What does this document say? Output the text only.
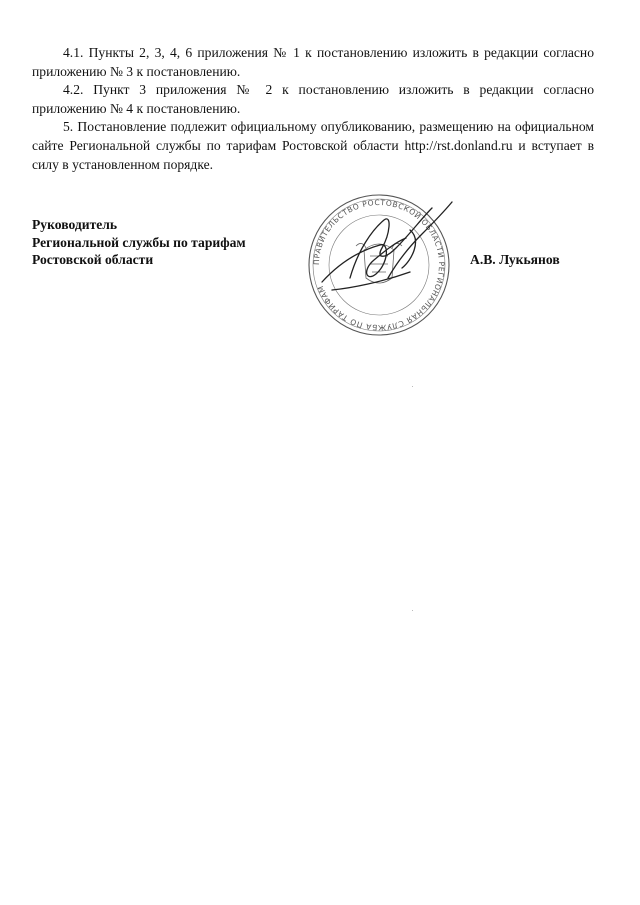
4.1. Пункты 2, 3, 4, 6 приложения № 1 к постановлению изложить в редакции согласно приложению № 3 к постановлению.

4.2. Пункт 3 приложения № 2 к постановлению изложить в редакции согласно приложению № 4 к постановлению.

5. Постановление подлежит официальному опубликованию, размещению на официальном сайте Региональной службы по тарифам Ростовской области http://rst.donland.ru и вступает в силу в установленном порядке.

Руководитель
Региональной службы по тарифам
Ростовской области	А.В. Лукьянов
ПРАВИТЕЛЬСТВО РОСТОВСКОЙ ОБЛАСТИ РЕГИОНАЛЬНАЯ СЛУЖБА ПО ТАРИФАМ
